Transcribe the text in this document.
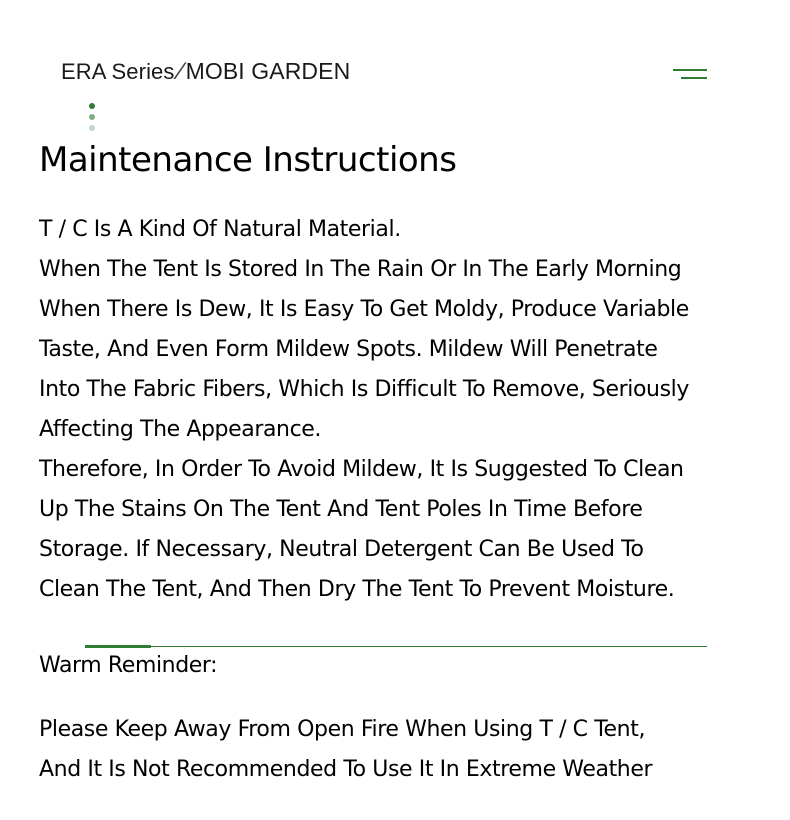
ERA Series ∕ MOBI GARDEN
Maintenance Instructions
T / C Is A Kind Of Natural Material.
When The Tent Is Stored In The Rain Or In The Early Morning
When There Is Dew, It Is Easy To Get Moldy, Produce Variable
Taste, And Even Form Mildew Spots. Mildew Will Penetrate
Into The Fabric Fibers, Which Is Difficult To Remove, Seriously
Affecting The Appearance.
Therefore, In Order To Avoid Mildew, It Is Suggested To Clean
Up The Stains On The Tent And Tent Poles In Time Before
Storage. If Necessary, Neutral Detergent Can Be Used To
Clean The Tent, And Then Dry The Tent To Prevent Moisture.
Warm Reminder:
Please Keep Away From Open Fire When Using T / C Tent,
And It Is Not Recommended To Use It In Extreme Weather
